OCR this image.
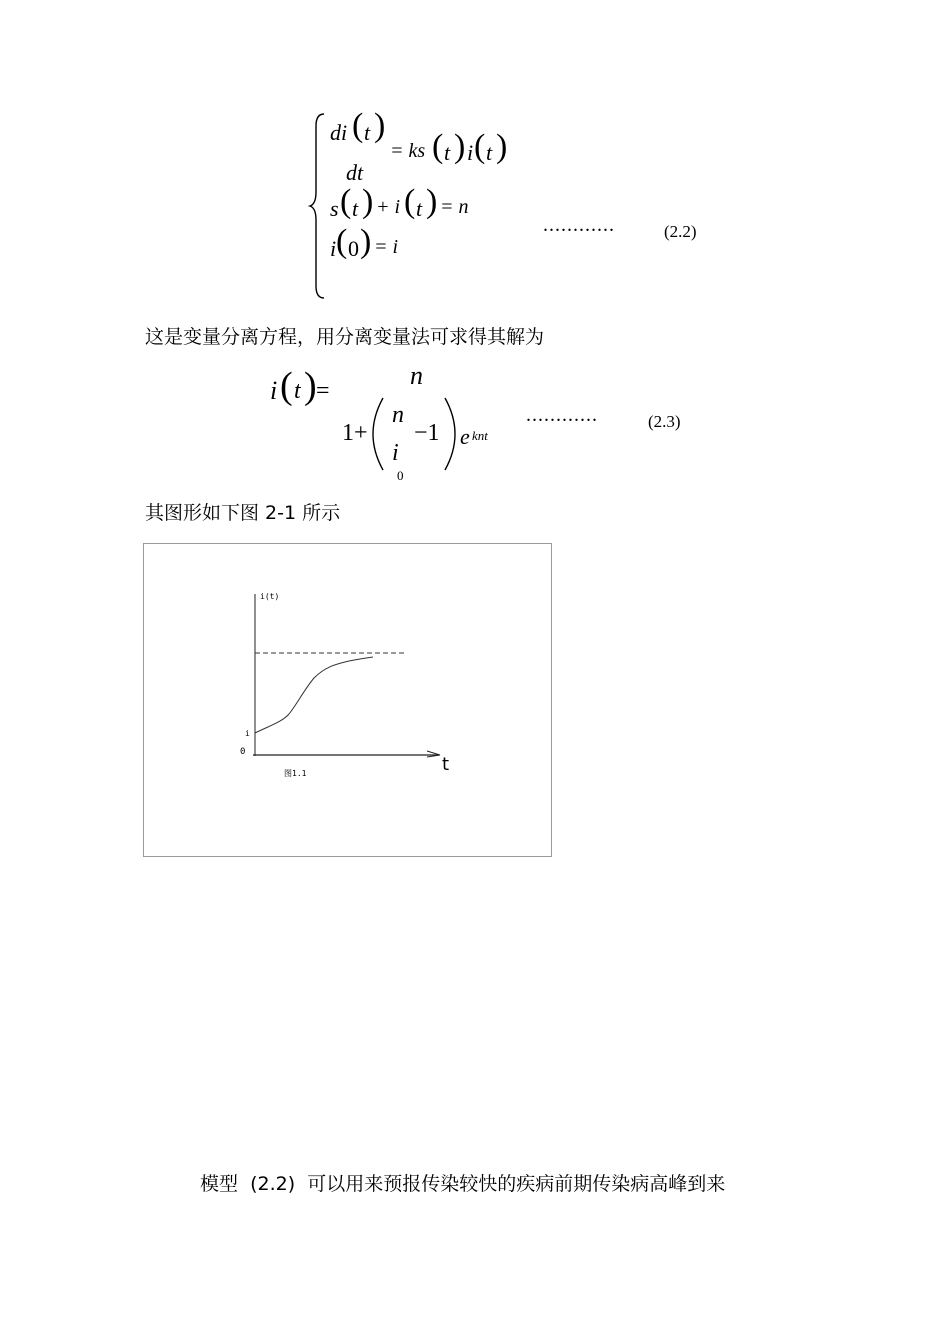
di ( t )
= ks ( t ) i ( t )
dt
s ( t ) + i ( t ) = n
i ( 0 ) = i
............	(2.2)
这是变量分离方程，用分离变量法可求得其解为
i ( t ) =
n
1+
n
i
0
−1 e knt
............	(2.3)
其图形如下图 2-1 所示
i(t)
i
0
t
图1.1
模型  (2.2)  可以用来预报传染较快的疾病前期传染病高峰到来
